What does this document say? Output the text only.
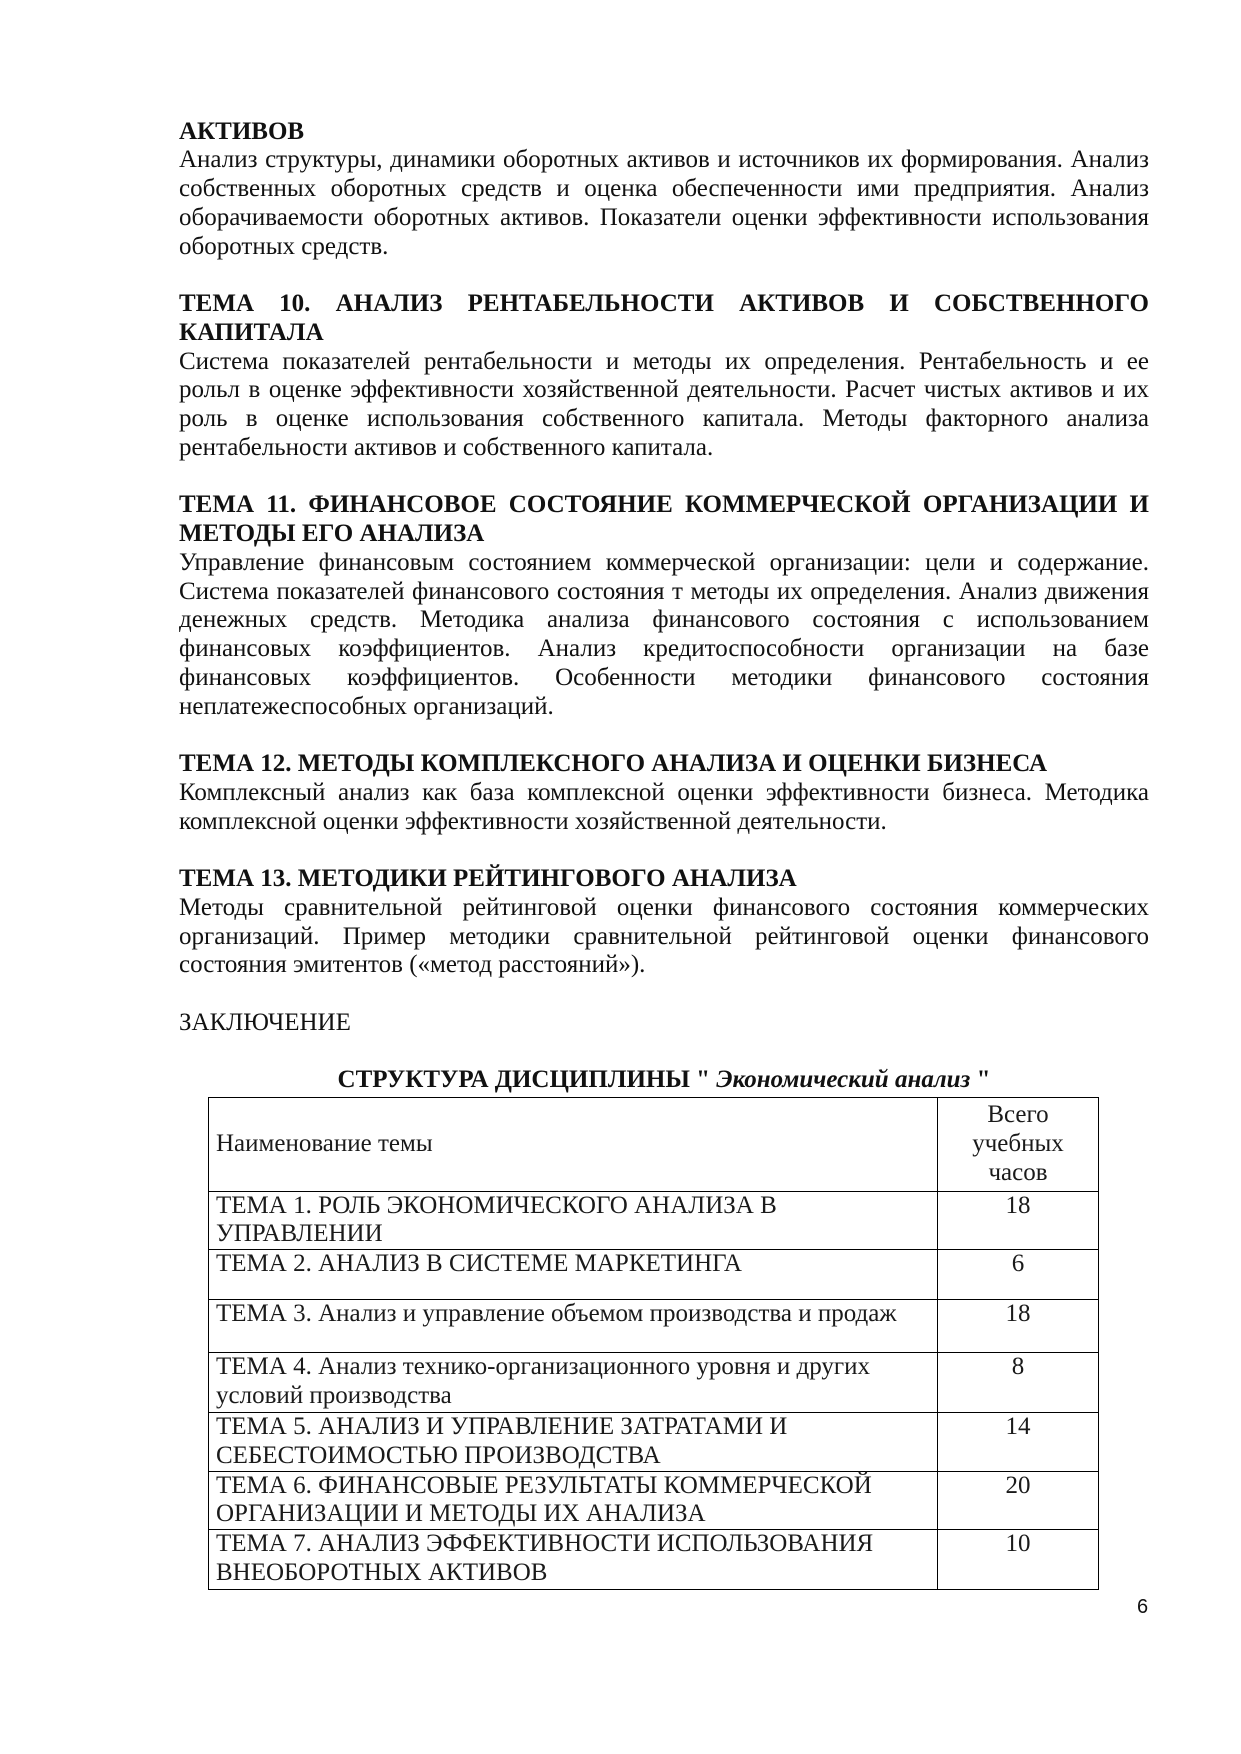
АКТИВОВ

Анализ структуры, динамики оборотных активов и источников их формирования. Анализ собственных оборотных средств и оценка обеспеченности ими предприятия. Анализ оборачиваемости оборотных активов. Показатели оценки эффективности использования оборотных средств.

ТЕМА 10. АНАЛИЗ РЕНТАБЕЛЬНОСТИ АКТИВОВ И СОБСТВЕННОГО КАПИТАЛА

Система показателей рентабельности и методы их определения. Рентабельность и ее рольл в оценке эффективности хозяйственной деятельности. Расчет чистых активов и их роль в оценке использования собственного капитала. Методы факторного анализа рентабельности активов и собственного капитала.

ТЕМА 11. ФИНАНСОВОЕ СОСТОЯНИЕ КОММЕРЧЕСКОЙ ОРГАНИЗАЦИИ И МЕТОДЫ ЕГО АНАЛИЗА

Управление финансовым состоянием коммерческой организации: цели и содержание. Система показателей финансового состояния т методы их определения. Анализ движения денежных средств. Методика анализа финансового состояния с использованием финансовых коэффициентов. Анализ кредитоспособности организации на базе финансовых коэффициентов. Особенности методики финансового состояния неплатежеспособных организаций.

ТЕМА 12. МЕТОДЫ КОМПЛЕКСНОГО АНАЛИЗА И ОЦЕНКИ БИЗНЕСА

Комплексный анализ как база комплексной оценки эффективности бизнеса. Методика комплексной оценки эффективности хозяйственной деятельности.

ТЕМА 13. МЕТОДИКИ РЕЙТИНГОВОГО АНАЛИЗА

Методы сравнительной рейтинговой оценки финансового состояния коммерческих организаций. Пример методики сравнительной рейтинговой оценки финансового состояния эмитентов («метод расстояний»).

ЗАКЛЮЧЕНИЕ

СТРУКТУРА ДИСЦИПЛИНЫ " Экономический анализ "

Наименование темы	Всего учебных часов
ТЕМА 1. РОЛЬ ЭКОНОМИЧЕСКОГО АНАЛИЗА В УПРАВЛЕНИИ	18
ТЕМА 2. АНАЛИЗ В СИСТЕМЕ МАРКЕТИНГА	6
ТЕМА 3. Анализ и управление объемом производства и продаж	18
ТЕМА 4. Анализ технико-организационного уровня и других условий производства	8
ТЕМА 5. АНАЛИЗ И УПРАВЛЕНИЕ ЗАТРАТАМИ И СЕБЕСТОИМОСТЬЮ ПРОИЗВОДСТВА	14
ТЕМА 6. ФИНАНСОВЫЕ РЕЗУЛЬТАТЫ КОММЕРЧЕСКОЙ ОРГАНИЗАЦИИ И МЕТОДЫ ИХ АНАЛИЗА	20
ТЕМА 7. АНАЛИЗ ЭФФЕКТИВНОСТИ ИСПОЛЬЗОВАНИЯ ВНЕОБОРОТНЫХ АКТИВОВ	10
6
